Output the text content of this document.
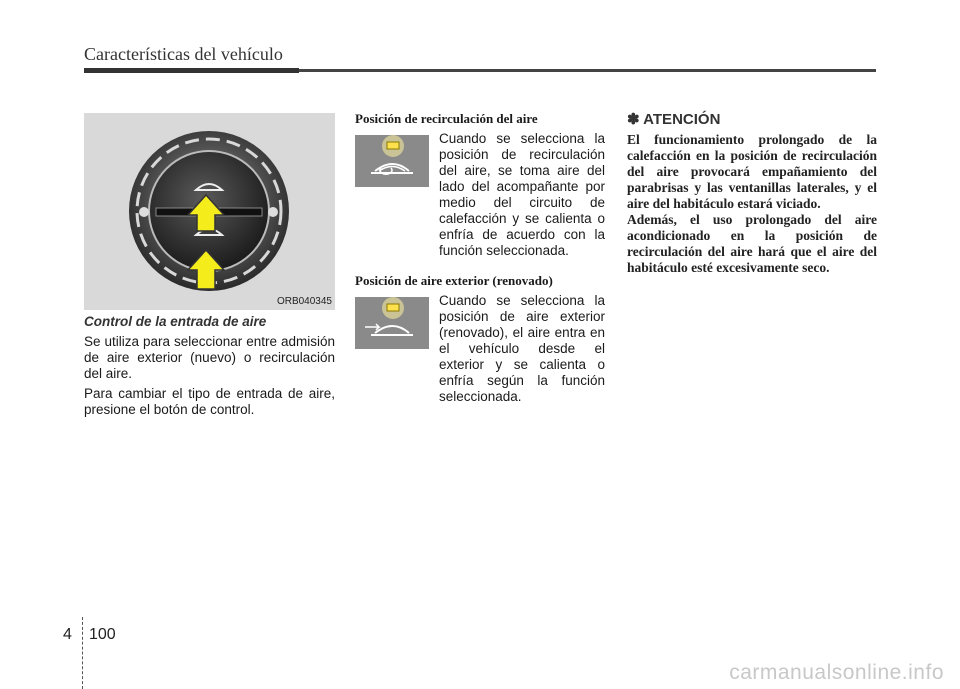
Características del vehículo
ORB040345
Control de la entrada de aire

Se utiliza para seleccionar entre admisión de aire exterior (nuevo) o recirculación del aire.

Para cambiar el tipo de entrada de aire, presione el botón de control.

Posición de recirculación del aire
Cuando se selecciona la posición de recirculación del aire, se toma aire del lado del acompañante por medio del circuito de calefacción y se calienta o enfría de acuerdo con la función seleccionada.
Posición de aire exterior (renovado)
Cuando se selecciona la posición de aire exterior (renovado), el aire entra en el vehículo desde el exterior y se calienta o enfría según la función seleccionada.
✽ ATENCIÓN

El funcionamiento prolongado de la calefacción en la posición de recirculación del aire provocará empañamiento del parabrisas y las ventanillas laterales, y el aire del habitáculo estará viciado.

Además, el uso prolongado del aire acondicionado en la posición de recirculación del aire hará que el aire del habitáculo esté excesivamente seco.

4 100
carmanualsonline.info
